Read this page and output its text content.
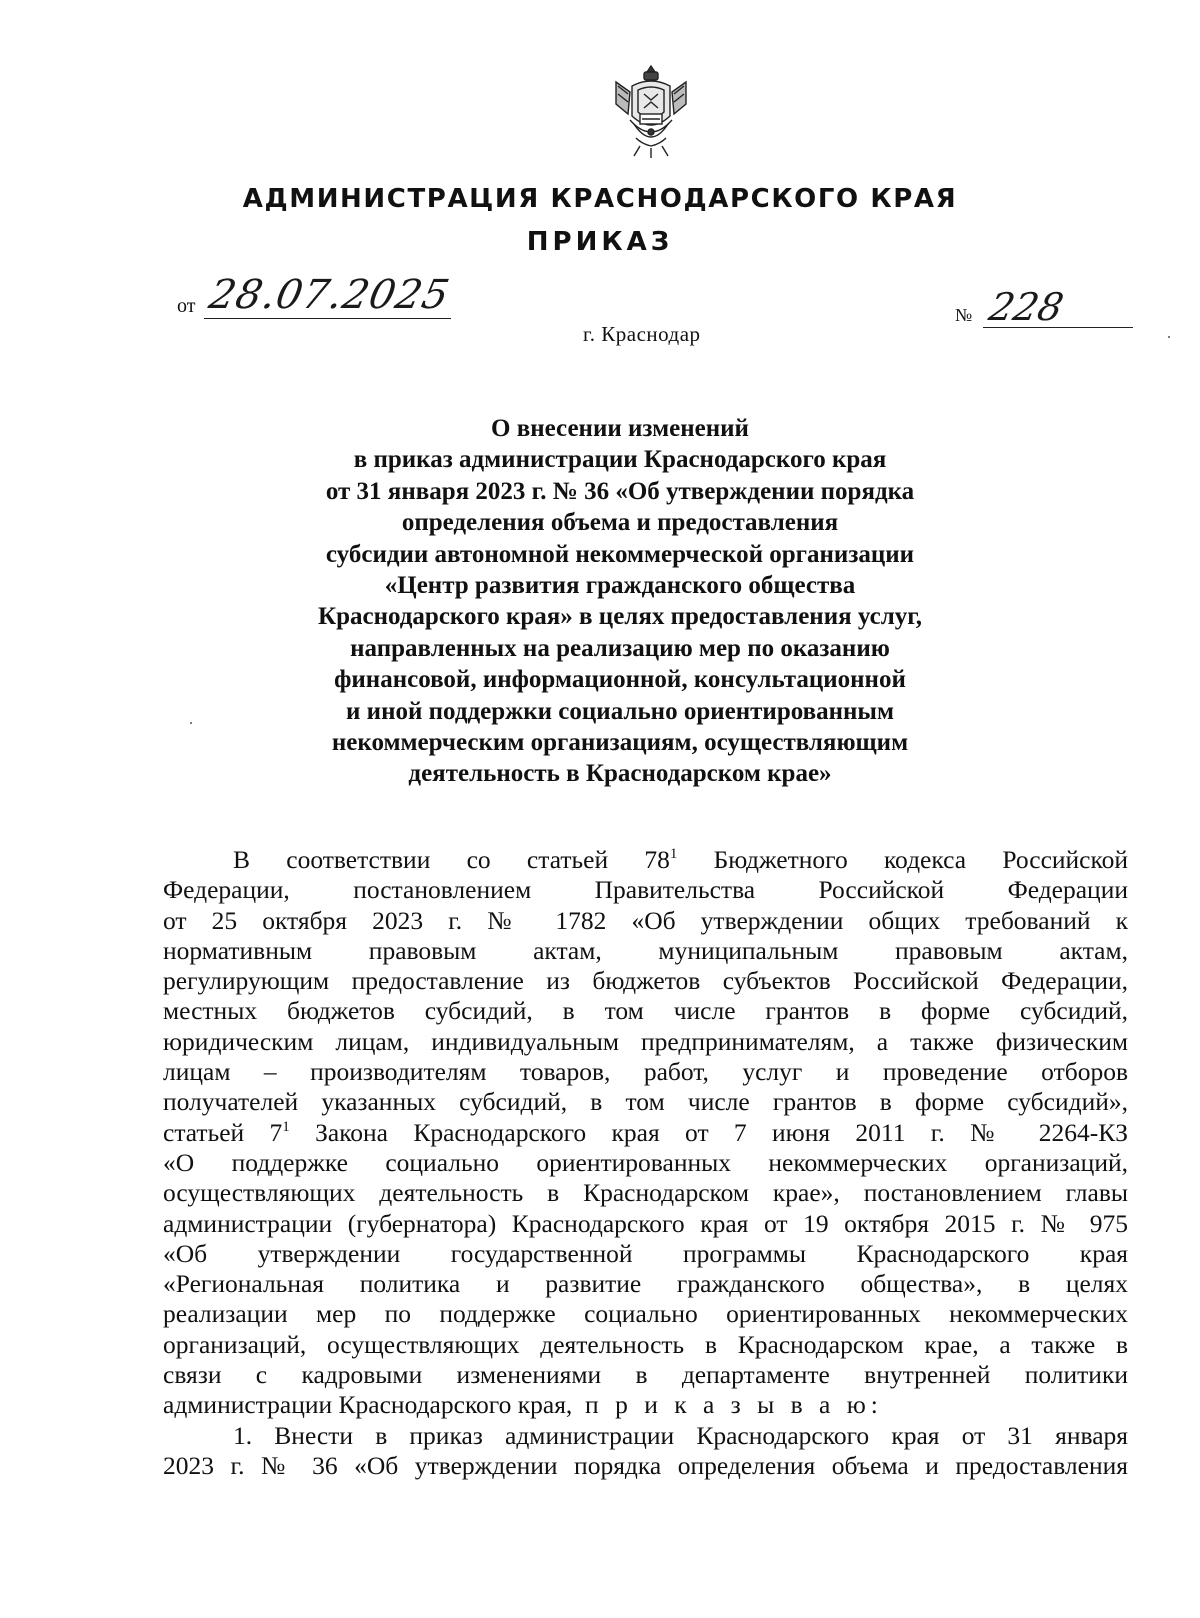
АДМИНИСТРАЦИЯ КРАСНОДАРСКОГО КРАЯ
ПРИКАЗ
от 28.07.2025
г. Краснодар
№ 228
О внесении изменений
в приказ администрации Краснодарского края
от 31 января 2023 г. № 36 «Об утверждении порядка
определения объема и предоставления
субсидии автономной некоммерческой организации
«Центр развития гражданского общества
Краснодарского края» в целях предоставления услуг,
направленных на реализацию мер по оказанию
финансовой, информационной, консультационной
и иной поддержки социально ориентированным
некоммерческим организациям, осуществляющим
деятельность в Краснодарском крае»
В соответствии со статьей $78^1$ Бюджетного кодекса Российской
Федерации, постановлением Правительства Российской Федерации
от 25 октября 2023 г. № 1782 «Об утверждении общих требований к
нормативным правовым актам, муниципальным правовым актам,
регулирующим предоставление из бюджетов субъектов Российской Федерации,
местных бюджетов субсидий, в том числе грантов в форме субсидий,
юридическим лицам, индивидуальным предпринимателям, а также физическим
лицам – производителям товаров, работ, услуг и проведение отборов
получателей указанных субсидий, в том числе грантов в форме субсидий»,
статьей $7^1$ Закона Краснодарского края от 7 июня 2011 г. № 2264-КЗ
«О поддержке социально ориентированных некоммерческих организаций,
осуществляющих деятельность в Краснодарском крае», постановлением главы
администрации (губернатора) Краснодарского края от 19 октября 2015 г. № 975
«Об утверждении государственной программы Краснодарского края
«Региональная политика и развитие гражданского общества», в целях
реализации мер по поддержке социально ориентированных некоммерческих
организаций, осуществляющих деятельность в Краснодарском крае, а также в
связи с кадровыми изменениями в департаменте внутренней политики
администрации Краснодарского края, п р и к а з ы в а ю:
1. Внести в приказ администрации Краснодарского края от 31 января
2023 г. № 36 «Об утверждении порядка определения объема и предоставления
